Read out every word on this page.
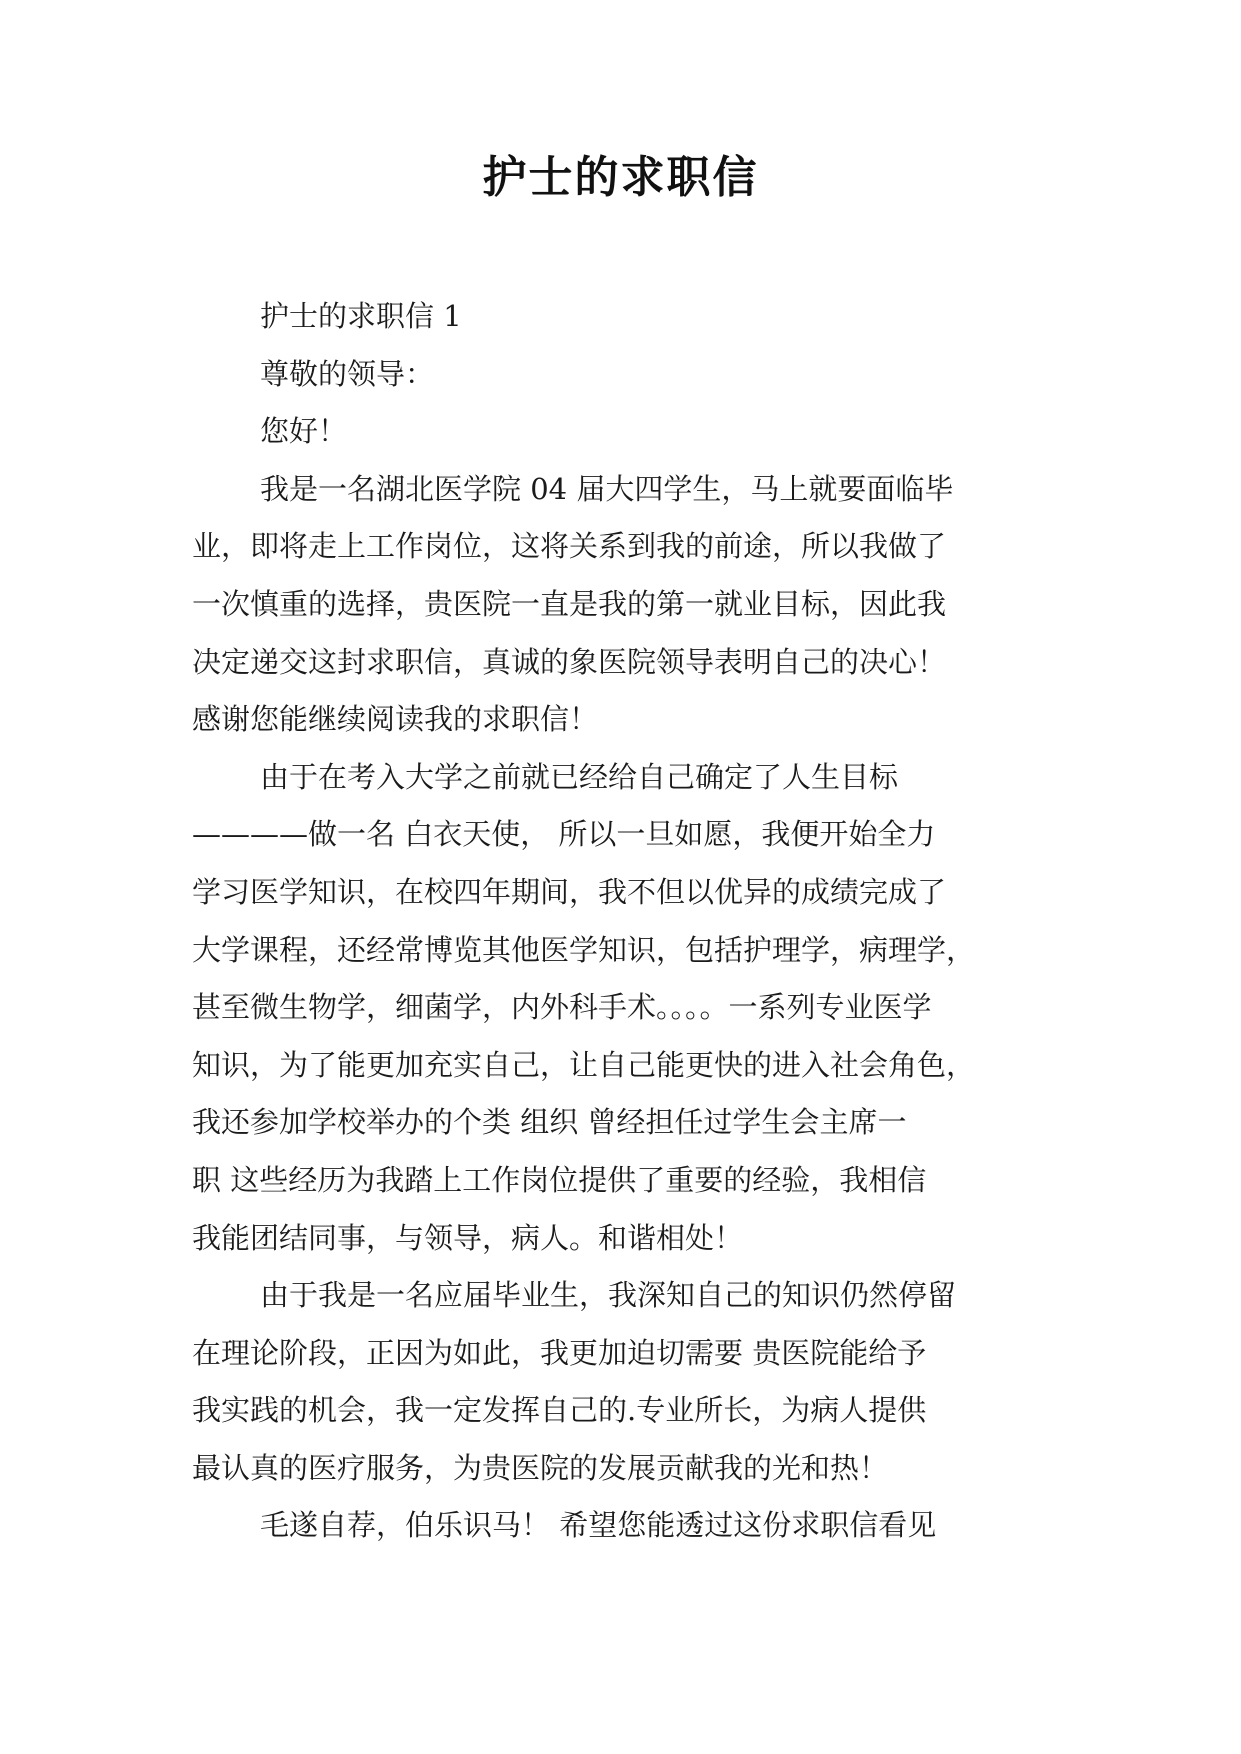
护士的求职信
护士的求职信 1
尊敬的领导：
您好！
我是一名湖北医学院 04 届大四学生，马上就要面临毕
业，即将走上工作岗位，这将关系到我的前途，所以我做了
一次慎重的选择，贵医院一直是我的第一就业目标，因此我
决定递交这封求职信，真诚的象医院领导表明自己的决心！
感谢您能继续阅读我的求职信！
由于在考入大学之前就已经给自己确定了人生目标
————做一名 白衣天使， 所以一旦如愿，我便开始全力
学习医学知识，在校四年期间，我不但以优异的成绩完成了
大学课程，还经常博览其他医学知识，包括护理学，病理学，
甚至微生物学，细菌学，内外科手术。。。。一系列专业医学
知识，为了能更加充实自己，让自己能更快的进入社会角色，
我还参加学校举办的个类 组织 曾经担任过学生会主席一
职 这些经历为我踏上工作岗位提供了重要的经验，我相信
我能团结同事，与领导，病人。和谐相处！
由于我是一名应届毕业生，我深知自己的知识仍然停留
在理论阶段，正因为如此，我更加迫切需要 贵医院能给予
我实践的机会，我一定发挥自己的.专业所长，为病人提供
最认真的医疗服务，为贵医院的发展贡献我的光和热！
毛遂自荐，伯乐识马！ 希望您能透过这份求职信看见
